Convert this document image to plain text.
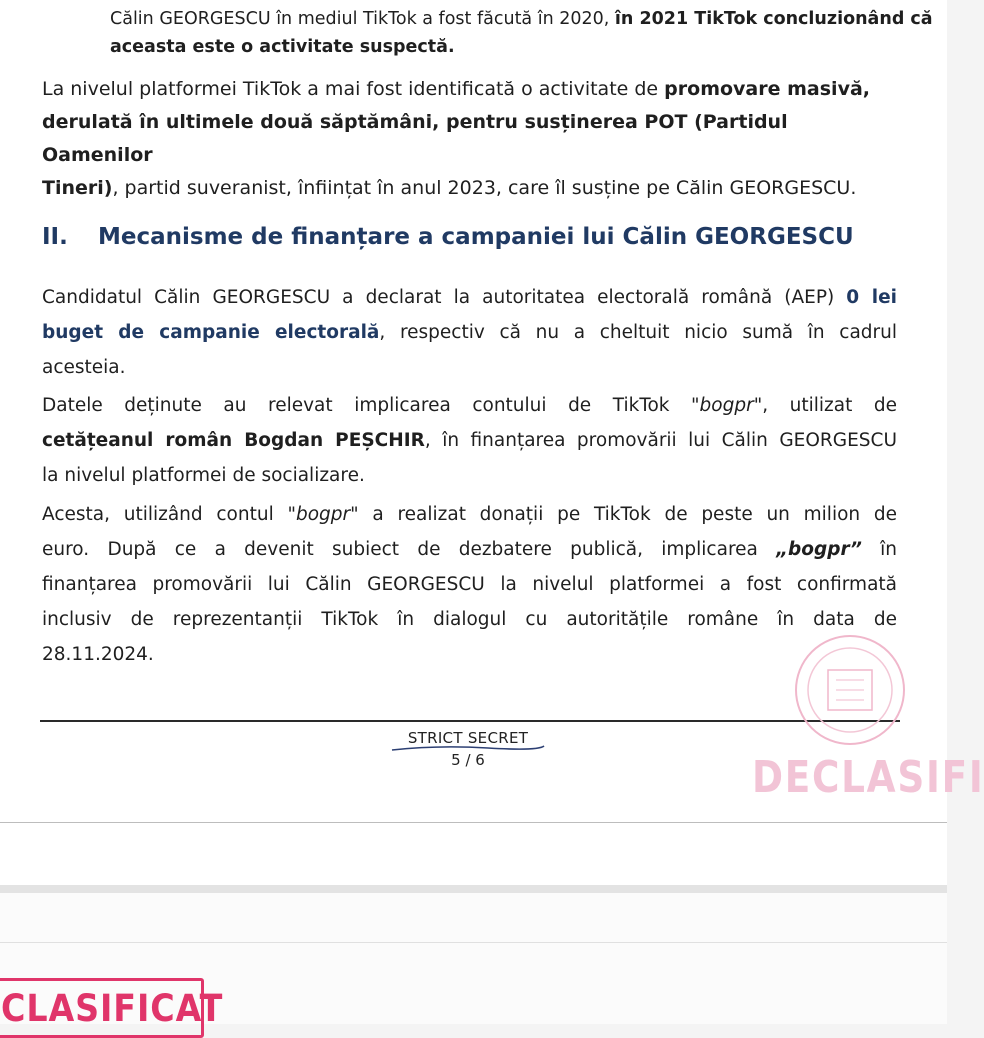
Călin GEORGESCU în mediul TikTok a fost făcută în 2020, în 2021 TikTok concluzionând că
aceasta este o activitate suspectă.
La nivelul platformei TikTok a mai fost identificată o activitate de promovare masivă,
derulată în ultimele două săptămâni, pentru susținerea POT (Partidul Oamenilor
Tineri), partid suveranist, înființat în anul 2023, care îl susține pe Călin GEORGESCU.
II. Mecanisme de finanțare a campaniei lui Călin GEORGESCU
Candidatul Călin GEORGESCU a declarat la autoritatea electorală română (AEP) 0 lei
buget de campanie electorală, respectiv că nu a cheltuit nicio sumă în cadrul
acesteia.
Datele deținute au relevat implicarea contului de TikTok "bogpr", utilizat de
cetățeanul român Bogdan PEȘCHIR, în finanțarea promovării lui Călin GEORGESCU
la nivelul platformei de socializare.
Acesta, utilizând contul "bogpr" a realizat donații pe TikTok de peste un milion de
euro. După ce a devenit subiect de dezbatere publică, implicarea „bogpr” în
finanțarea promovării lui Călin GEORGESCU la nivelul platformei a fost confirmată
inclusiv de reprezentanții TikTok în dialogul cu autoritățile române în data de
28.11.2024.
STRICT SECRET
5 / 6	DECLASIFI
CLASIFICAT
